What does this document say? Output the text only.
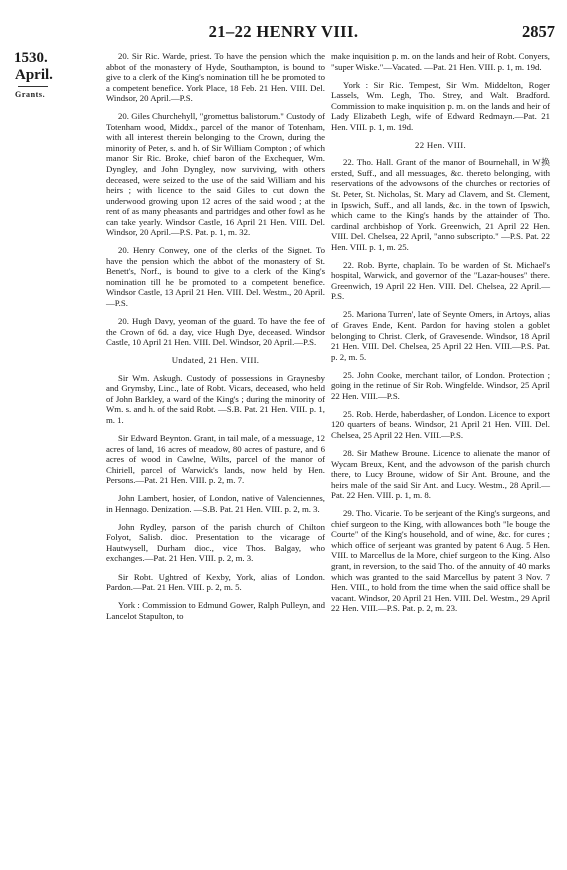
21–22 HENRY VIII.	2857
1530.
April.
Grants.

20. Sir Ric. Warde, priest. To have the pension which the abbot of the monastery of Hyde, Southampton, is bound to give to a clerk of the King's nomination till he be promoted to a competent benefice. York Place, 18 Feb. 21 Hen. VIII. Del. Windsor, 20 April.—P.S.

20. Giles Churchehyll, "gromettus balistorum." Custody of Totenham wood, Middx., parcel of the manor of Totenham, with all interest therein belonging to the Crown, during the minority of Peter, s. and h. of Sir William Compton ; of which manor Sir Ric. Broke, chief baron of the Exchequer, Wm. Dyngley, and John Dyngley, now surviving, with others deceased, were seized to the use of the said William and his heirs ; with licence to the said Giles to cut down the underwood growing upon 12 acres of the said wood ; at the rent of as many pheasants and partridges and other fowl as he can take yearly. Windsor Castle, 16 April 21 Hen. VIII. Del. Windsor, 20 April.—P.S. Pat. p. 1, m. 32.

20. Henry Conwey, one of the clerks of the Signet. To have the pension which the abbot of the monastery of St. Benett's, Norf., is bound to give to a clerk of the King's nomination till he be promoted to a competent benefice. Windsor Castle, 13 April 21 Hen. VIII. Del. Westm., 20 April.—P.S.

20. Hugh Davy, yeoman of the guard. To have the fee of the Crown of 6d. a day, vice Hugh Dye, deceased. Windsor Castle, 10 April 21 Hen. VIII. Del. Windsor, 20 April.—P.S.

Undated, 21 Hen. VIII.

Sir Wm. Askugh. Custody of possessions in Graynesby and Grymsby, Linc., late of Robt. Vicars, deceased, who held of John Barkley, a ward of the King's ; during the minority of Wm. s. and h. of the said Robt. —S.B. Pat. 21 Hen. VIII. p. 1, m. 1.

Sir Edward Beynton. Grant, in tail male, of a messuage, 12 acres of land, 16 acres of meadow, 80 acres of pasture, and 6 acres of wood in Cawlne, Wilts, parcel of the manor of Chiriell, parcel of Warwick's lands, now held by Hen. Persons.—Pat. 21 Hen. VIII. p. 2, m. 7.

John Lambert, hosier, of London, native of Valenciennes, in Hennago. Denization. —S.B. Pat. 21 Hen. VIII. p. 2, m. 3.

John Rydley, parson of the parish church of Chilton Folyot, Salisb. dioc. Presentation to the vicarage of Hautwysell, Durham dioc., vice Thos. Balgay, who exchanges.—Pat. 21 Hen. VIII. p. 2, m. 3.

Sir Robt. Ughtred of Kexby, York, alias of London. Pardon.—Pat. 21 Hen. VIII. p. 2, m. 5.

York : Commission to Edmund Gower, Ralph Pulleyn, and Lancelot Stapulton, to

make inquisition p. m. on the lands and heir of Robt. Conyers, "super Wiske."—Vacated. —Pat. 21 Hen. VIII. p. 1, m. 19d.

York : Sir Ric. Tempest, Sir Wm. Middelton, Roger Lassels, Wm. Legh, Tho. Strey, and Walt. Bradford. Commission to make inquisition p. m. on the lands and heir of Lady Elizabeth Legh, wife of Edward Redmayn.—Pat. 21 Hen. VIII. p. 1, m. 19d.

22 Hen. VIII.

22. Tho. Hall. Grant of the manor of Bournehall, in W换ersted, Suff., and all messuages, &c. thereto belonging, with reservations of the advowsons of the churches or rectories of St. Peter, St. Nicholas, St. Mary ad Clavem, and St. Clement, in Ipswich, Suff., and all lands, &c. in the town of Ipswich, which came to the King's hands by the attainder of Tho. cardinal archbishop of York. Greenwich, 21 April 22 Hen. VIII. Del. Chelsea, 22 April, "anno subscripto." —P.S. Pat. 22 Hen. VIII. p. 1, m. 25.

22. Rob. Byrte, chaplain. To be warden of St. Michael's hospital, Warwick, and governor of the "Lazar-houses" there. Greenwich, 19 April 22 Hen. VIII. Del. Chelsea, 22 April.—P.S.

25. Mariona Turren', late of Seynte Omers, in Artoys, alias of Graves Ende, Kent. Pardon for having stolen a goblet belonging to Christ. Clerk, of Gravesende. Windsor, 18 April 21 Hen. VIII. Del. Chelsea, 25 April 22 Hen. VIII.—P.S. Pat. p. 2, m. 5.

25. John Cooke, merchant tailor, of London. Protection ; going in the retinue of Sir Rob. Wingfelde. Windsor, 25 April 22 Hen. VIII.—P.S.

25. Rob. Herde, haberdasher, of London. Licence to export 120 quarters of beans. Windsor, 21 April 21 Hen. VIII. Del. Chelsea, 25 April 22 Hen. VIII.—P.S.

28. Sir Mathew Broune. Licence to alienate the manor of Wycam Breux, Kent, and the advowson of the parish church there, to Lucy Broune, widow of Sir Ant. Broune, and the heirs male of the said Sir Ant. and Lucy. Westm., 28 April.—Pat. 22 Hen. VIII. p. 1, m. 8.

29. Tho. Vicarie. To be serjeant of the King's surgeons, and chief surgeon to the King, with allowances both "le bouge the Courte" of the King's household, and of wine, &c. for cures ; which office of serjeant was granted by patent 6 Aug. 5 Hen. VIII. to Marcellus de la More, chief surgeon to the King. Also grant, in reversion, to the said Tho. of the annuity of 40 marks which was granted to the said Marcellus by patent 3 Nov. 7 Hen. VIII., to hold from the time when the said office shall be vacant. Windsor, 20 April 21 Hen. VIII. Del. Westm., 29 April 22 Hen. VIII.—P.S. Pat. p. 2, m. 23.
